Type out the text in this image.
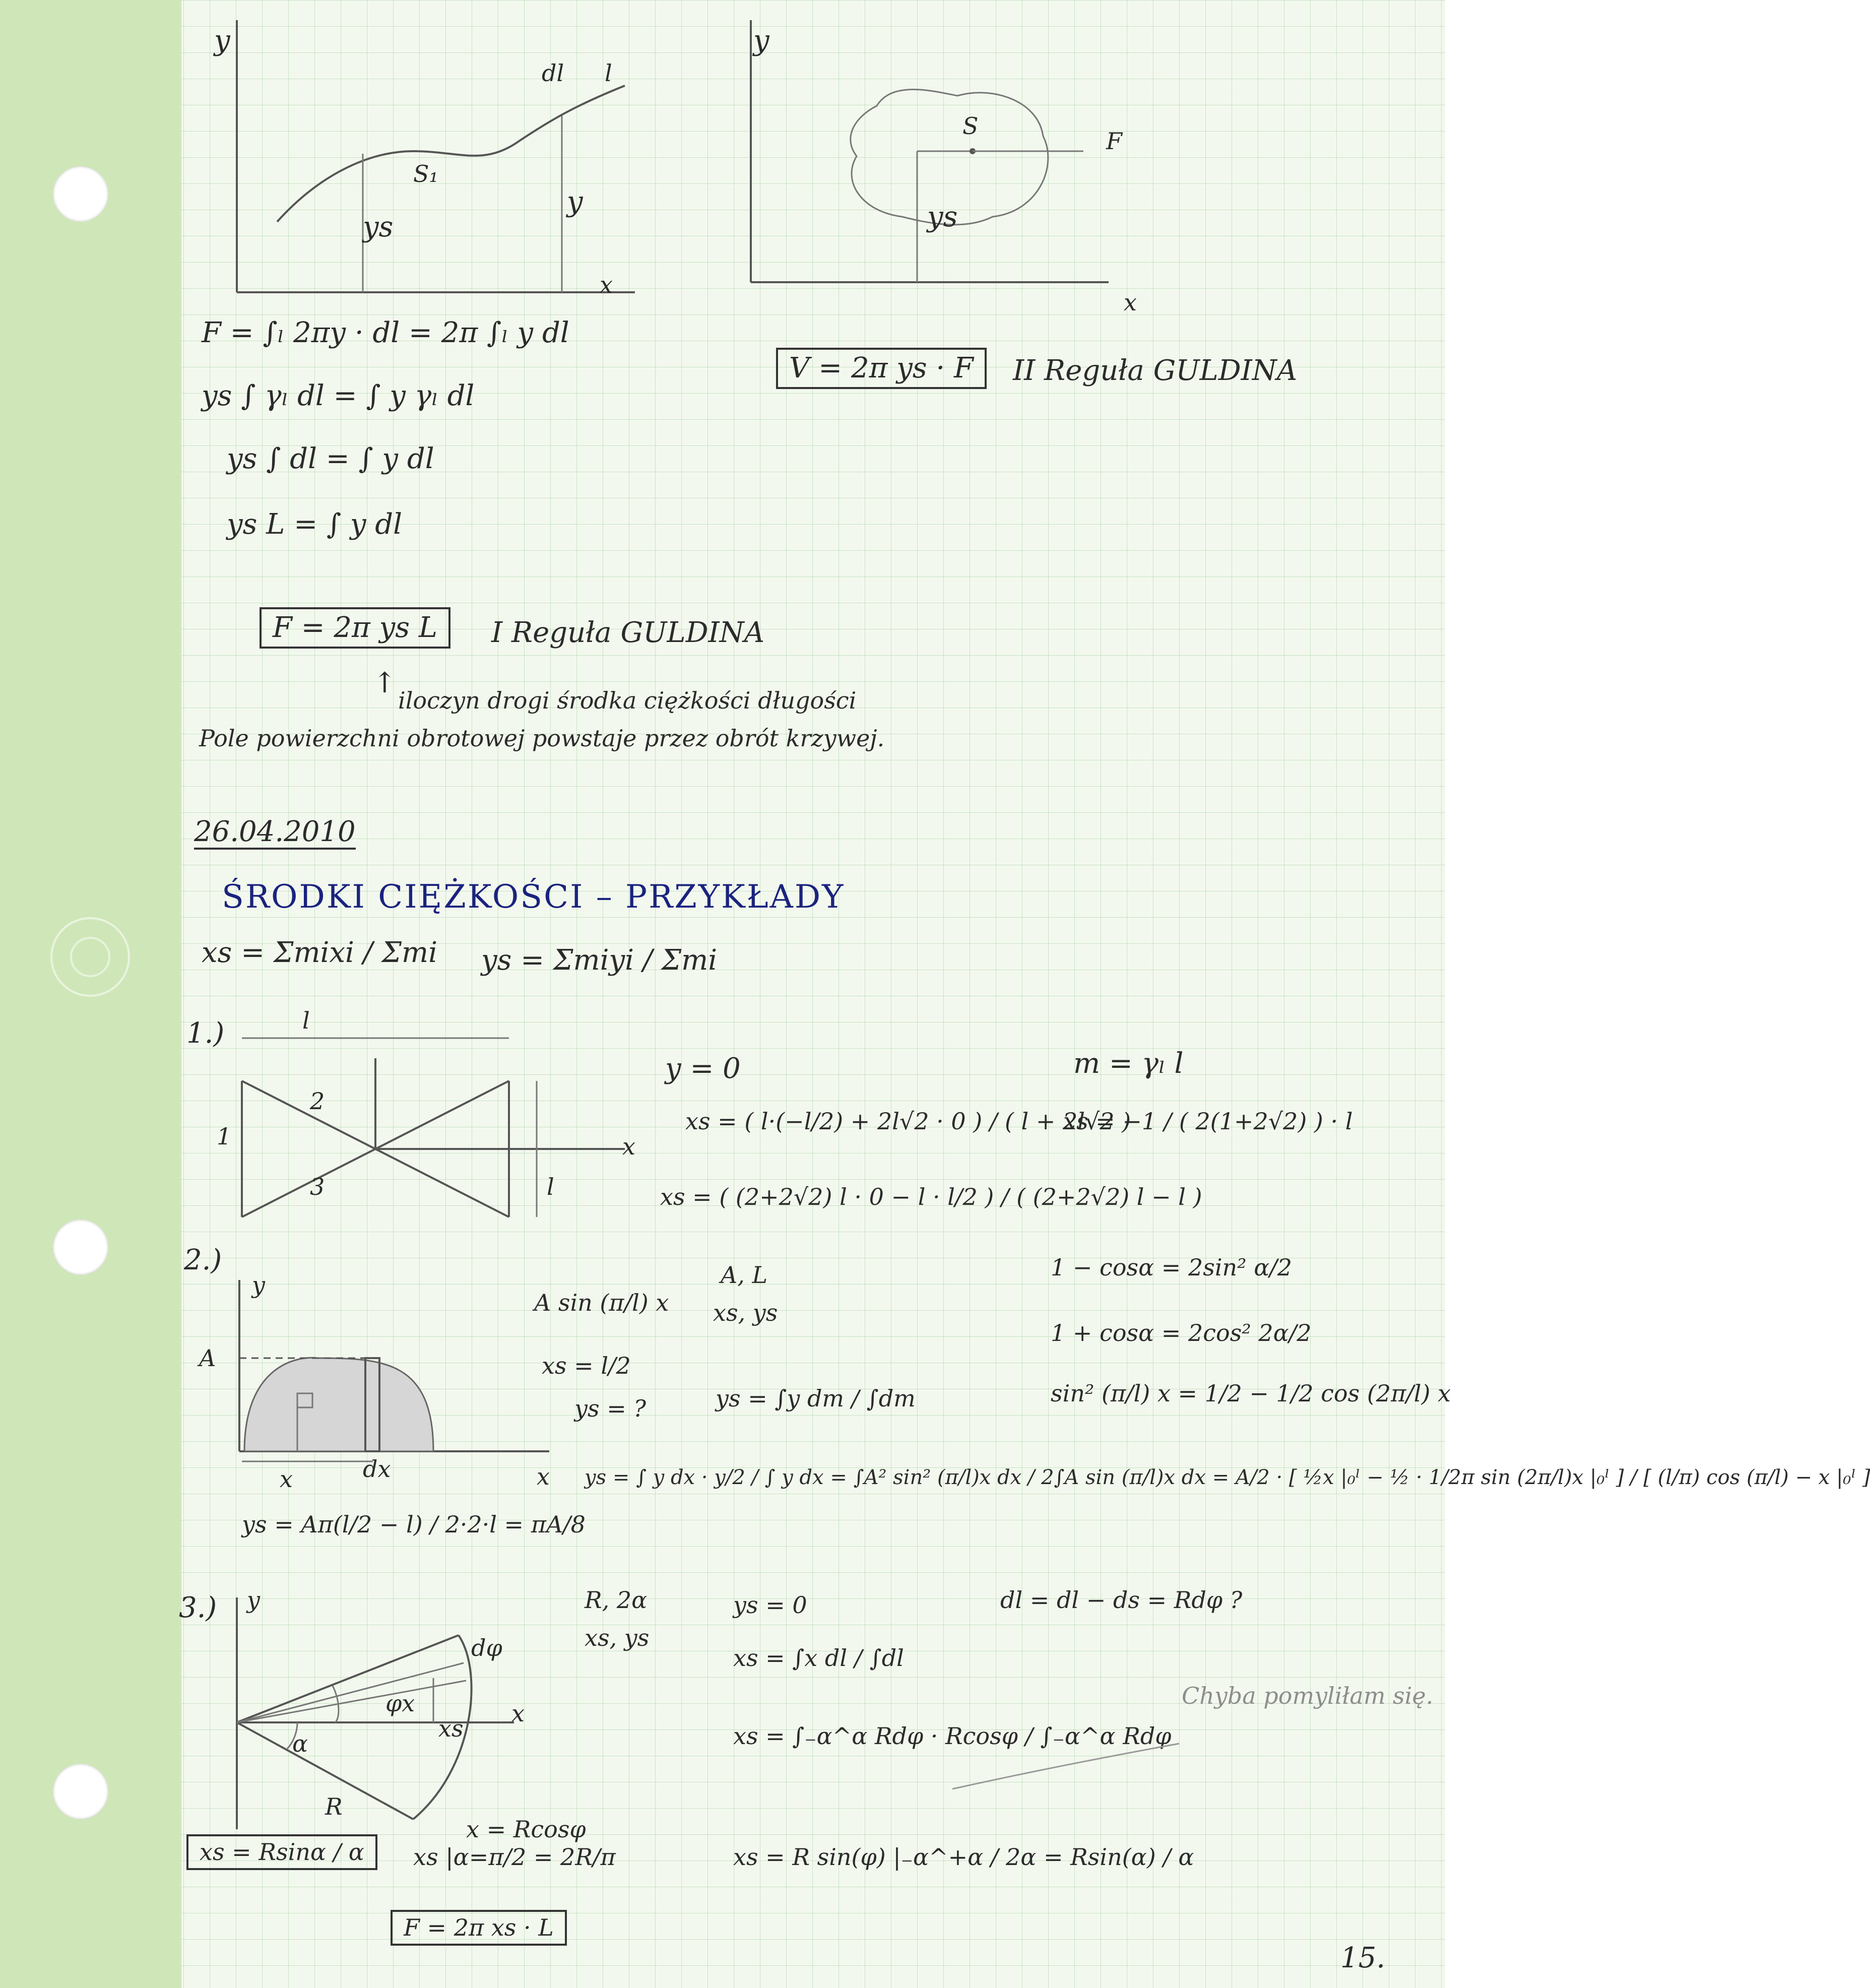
y
x
dl l
S₁
ys
y
y
x
S
F
ys
F = ∫ₗ 2πy · dl = 2π ∫ₗ y dl
ys ∫ γₗ dl = ∫ y γₗ dl
ys ∫ dl = ∫ y dl
ys L = ∫ y dl
F = 2π ys L	I Reguła GULDINA
V = 2π ys · F	II Reguła GULDINA
↑
iloczyn drogi środka ciężkości długości
Pole powierzchni obrotowej powstaje przez obrót krzywej.
26.04.2010
ŚRODKI CIĘŻKOŚCI – PRZYKŁADY
xs = Σmixi / Σmi ys = Σmiyi / Σmi
1.)	l
1
2
3	l
x
y = 0
xs = ( l·(−l/2) + 2l√2 · 0 ) / ( l + 2l√2 )
xs = ( (2+2√2) l · 0 − l · l/2 ) / ( (2+2√2) l − l )
m = γₗ l
xs = −1 / ( 2(1+2√2) ) · l
2.)
y
x
A
x	dx
A sin (π/l) x
A, L
xs, ys
xs = l/2
ys = ?	ys = ∫y dm / ∫dm
1 − cosα = 2sin² α/2
1 + cosα = 2cos² 2α/2
sin² (π/l) x = 1/2 − 1/2 cos (2π/l) x
ys = ∫ y dx · y/2 / ∫ y dx = ∫A² sin² (π/l)x dx / 2∫A sin (π/l)x dx = A/2 · [ ½x |₀ˡ − ½ · 1/2π sin (2π/l)x |₀ˡ ] / [ (l/π) cos (π/l) − x |₀ˡ ]
ys = Aπ(l/2 − l) / 2·2·l = πA/8
3.) y
x
dφ
φx
α
xs
R
R, 2α
xs, ys
x = Rcosφ
xs = Rsinα / α	xs |α=π/2 = 2R/π
F = 2π xs · L
ys = 0	dl = dl − ds = Rdφ ?
xs = ∫x dl / ∫dl
xs = ∫₋α^α Rdφ · Rcosφ / ∫₋α^α Rdφ
xs = R sin(φ) |₋α^+α / 2α = Rsin(α) / α
Chyba pomyliłam się.
15.
